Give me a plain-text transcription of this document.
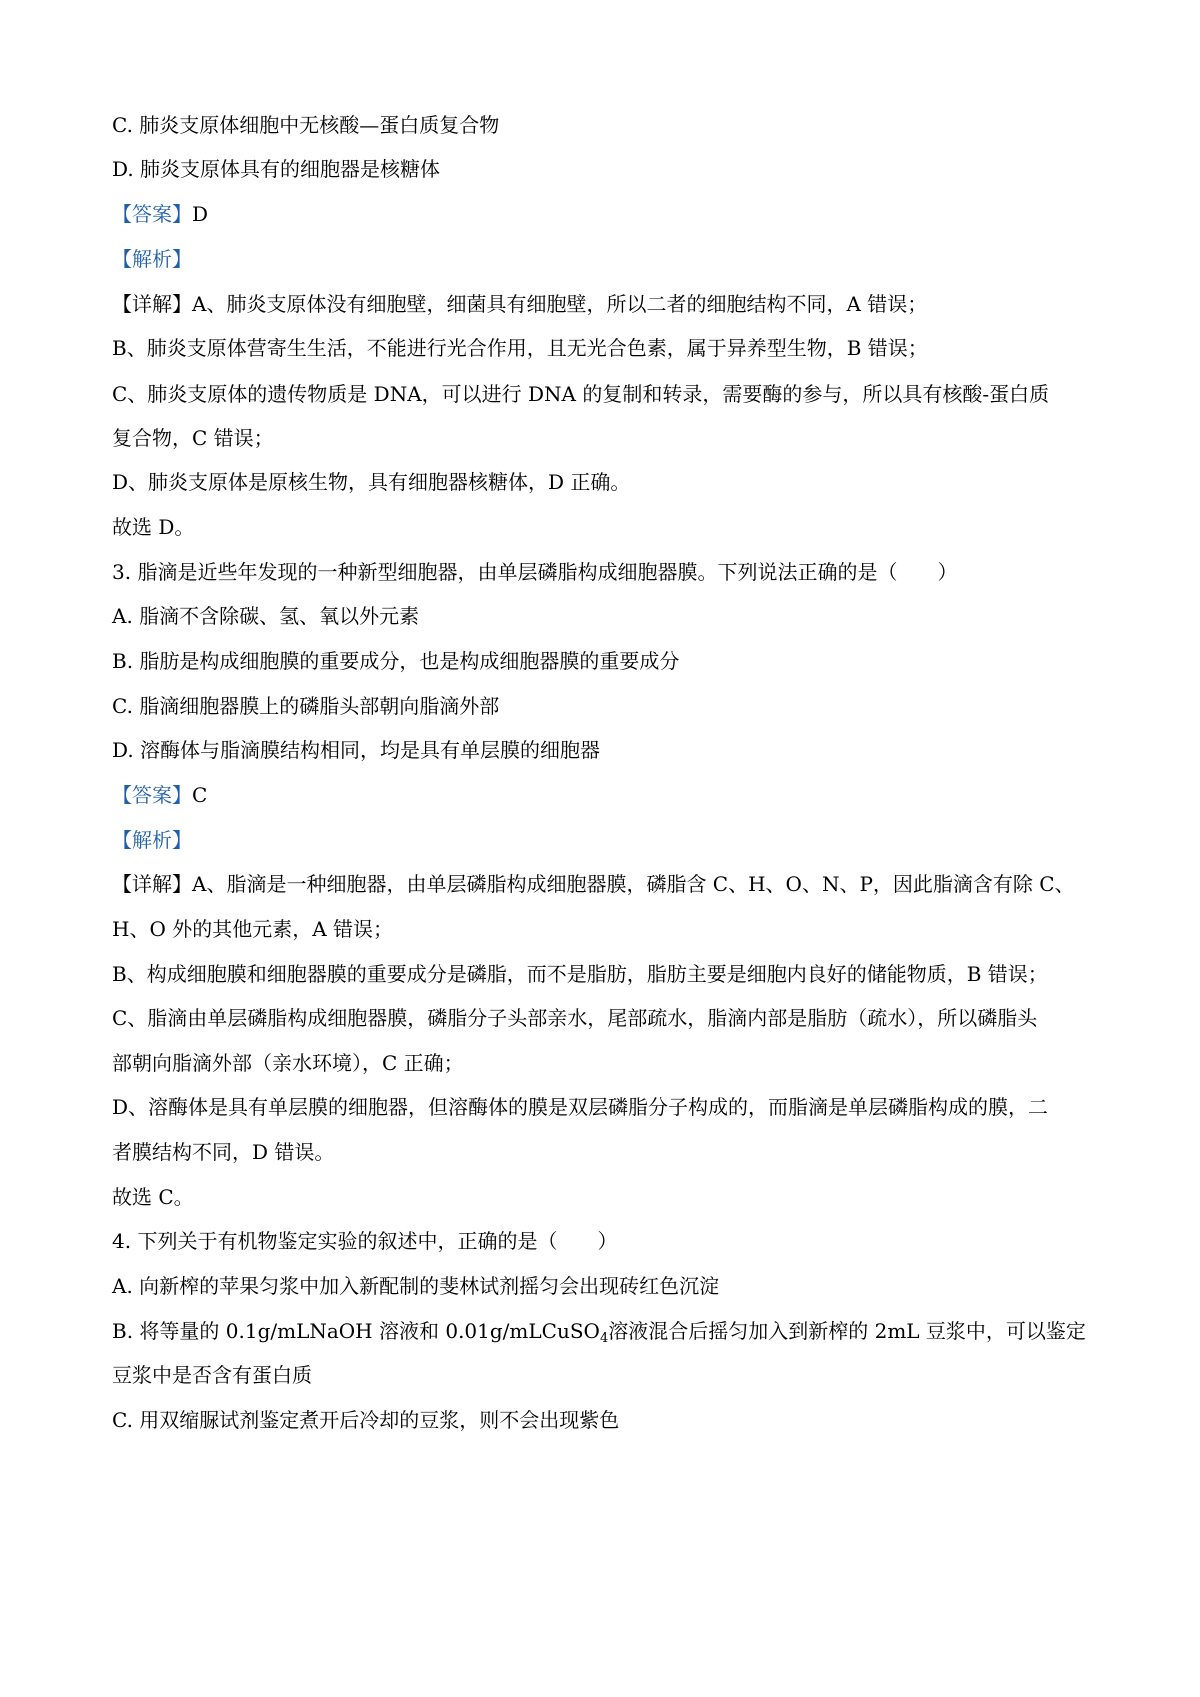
C. 肺炎支原体细胞中无核酸—蛋白质复合物
D. 肺炎支原体具有的细胞器是核糖体
【答案】D
【解析】
【详解】A、肺炎支原体没有细胞壁，细菌具有细胞壁，所以二者的细胞结构不同，A 错误；
B、肺炎支原体营寄生生活，不能进行光合作用，且无光合色素，属于异养型生物，B 错误；
C、肺炎支原体的遗传物质是 DNA，可以进行 DNA 的复制和转录，需要酶的参与，所以具有核酸-蛋白质
复合物，C 错误；
D、肺炎支原体是原核生物，具有细胞器核糖体，D 正确。
故选 D。
3. 脂滴是近些年发现的一种新型细胞器，由单层磷脂构成细胞器膜。下列说法正确的是（　　）
A. 脂滴不含除碳、氢、氧以外元素
B. 脂肪是构成细胞膜的重要成分，也是构成细胞器膜的重要成分
C. 脂滴细胞器膜上的磷脂头部朝向脂滴外部
D. 溶酶体与脂滴膜结构相同，均是具有单层膜的细胞器
【答案】C
【解析】
【详解】A、脂滴是一种细胞器，由单层磷脂构成细胞器膜，磷脂含 C、H、O、N、P，因此脂滴含有除 C、
H、O 外的其他元素，A 错误；
B、构成细胞膜和细胞器膜的重要成分是磷脂，而不是脂肪，脂肪主要是细胞内良好的储能物质，B 错误；
C、脂滴由单层磷脂构成细胞器膜，磷脂分子头部亲水，尾部疏水，脂滴内部是脂肪（疏水），所以磷脂头
部朝向脂滴外部（亲水环境），C 正确；
D、溶酶体是具有单层膜的细胞器，但溶酶体的膜是双层磷脂分子构成的，而脂滴是单层磷脂构成的膜，二
者膜结构不同，D 错误。
故选 C。
4. 下列关于有机物鉴定实验的叙述中，正确的是（　　）
A. 向新榨的苹果匀浆中加入新配制的斐林试剂摇匀会出现砖红色沉淀
B. 将等量的 0.1g/mLNaOH 溶液和 0.01g/mLCuSO$_4$溶液混合后摇匀加入到新榨的 2mL 豆浆中，可以鉴定
豆浆中是否含有蛋白质
C. 用双缩脲试剂鉴定煮开后冷却的豆浆，则不会出现紫色
